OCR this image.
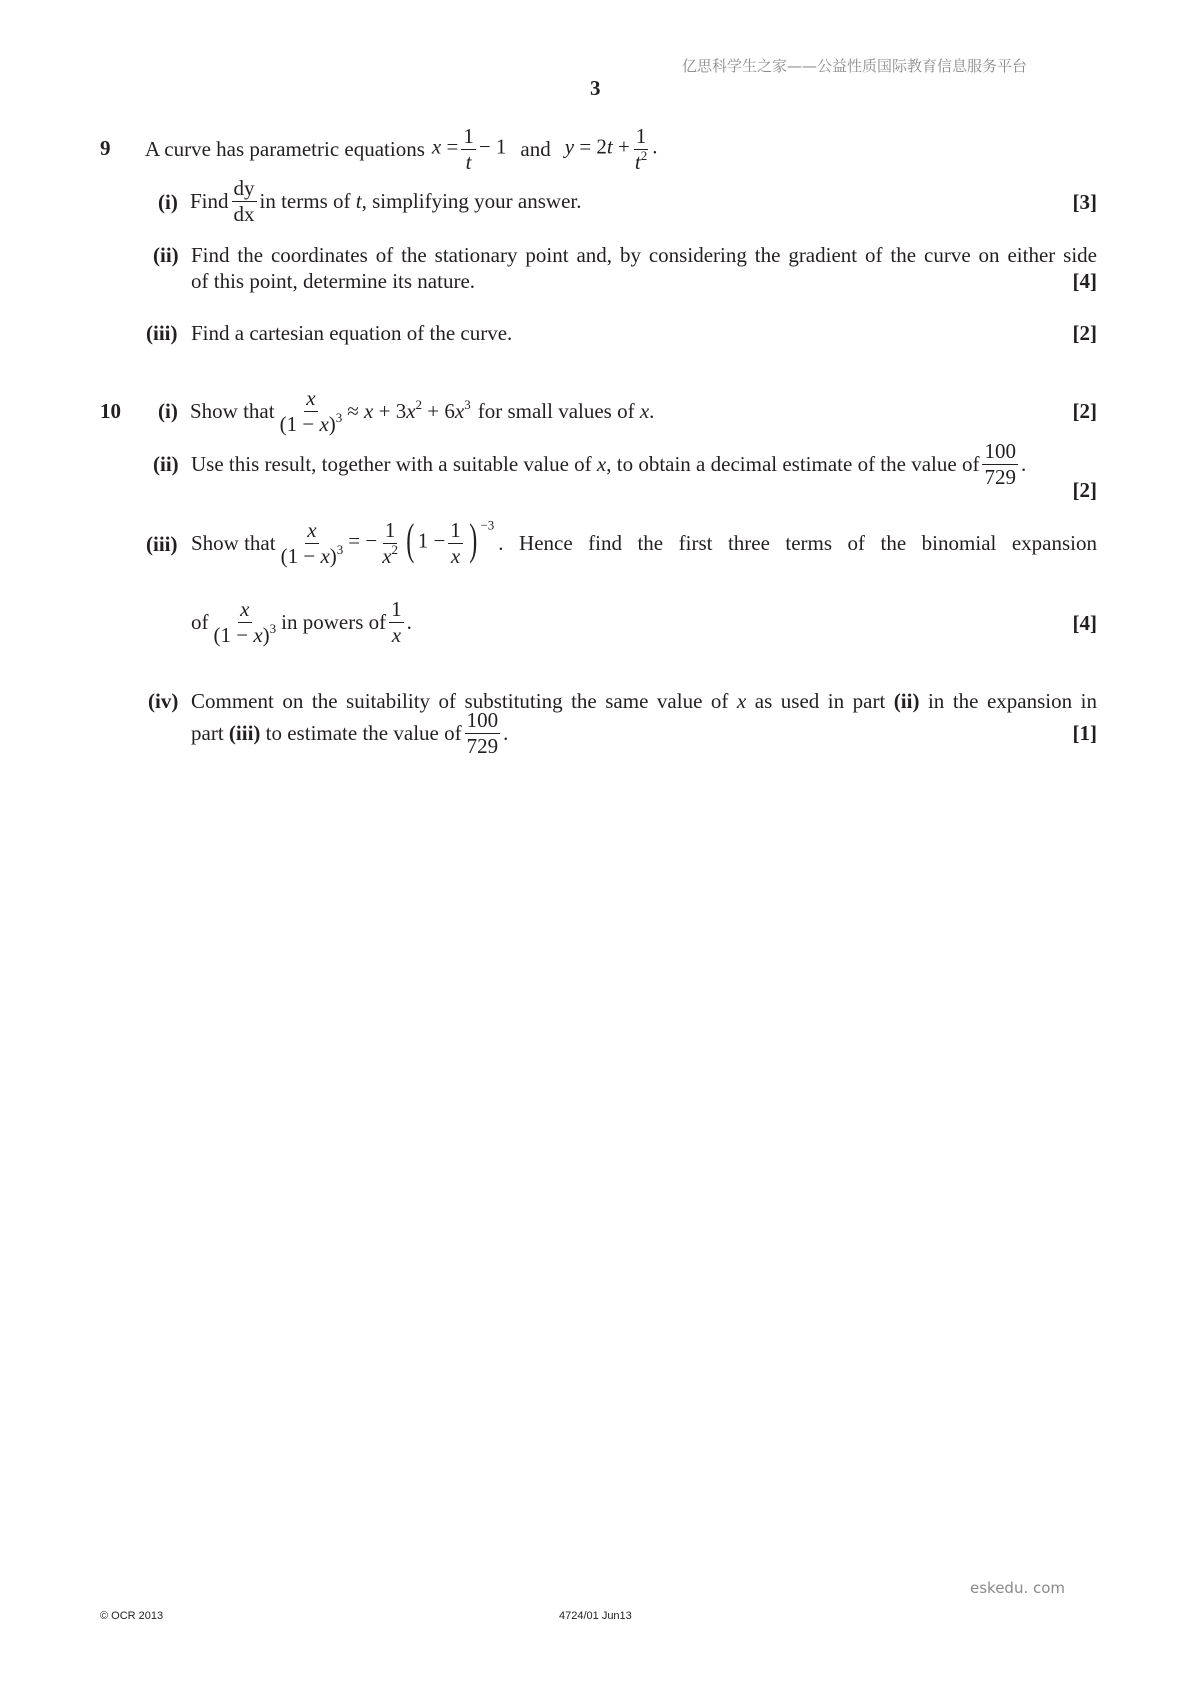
亿思科学生之家——公益性质国际教育信息服务平台
3
9 A curve has parametric equations $x = \frac{1}{t} - 1$ and $y = 2t + \frac{1}{t^2}$ .
(i) Find $\frac{dy}{dx}$ in terms of
t , simplifying your answer.	[3]
(ii) Find the coordinates of the stationary point and, by considering the gradient of the curve on either side
of this point, determine its nature.	[4]
(iii) Find a cartesian equation of the curve.	[2]
10 (i) Show that $\frac{x}{(1 - x)^3} \approx x + 3x^2 + 6x^3$ for small values of
x .	[2]
(ii) Use this result, together with a suitable value of
x , to obtain a decimal estimate of the value of $\frac{100}{729}$ .
[2]
(iii) Show that $\frac{x}{(1 - x)^3}$ = − $\frac{1}{x^2}$ ( $1 - \frac{1}{x}$ ) $^{-3}$
. Hence find the first three terms of the binomial expansion
of $\frac{x}{(1 - x)^3}$ in powers of $\frac{1}{x}$ .	[4]
(iv) Comment on the suitability of substituting the same value of x as used in part (ii) in the expansion in
part
(iii)
to estimate the value of $\frac{100}{729}$ .	[1]
eskedu. com
© OCR 2013	4724/01 Jun13
